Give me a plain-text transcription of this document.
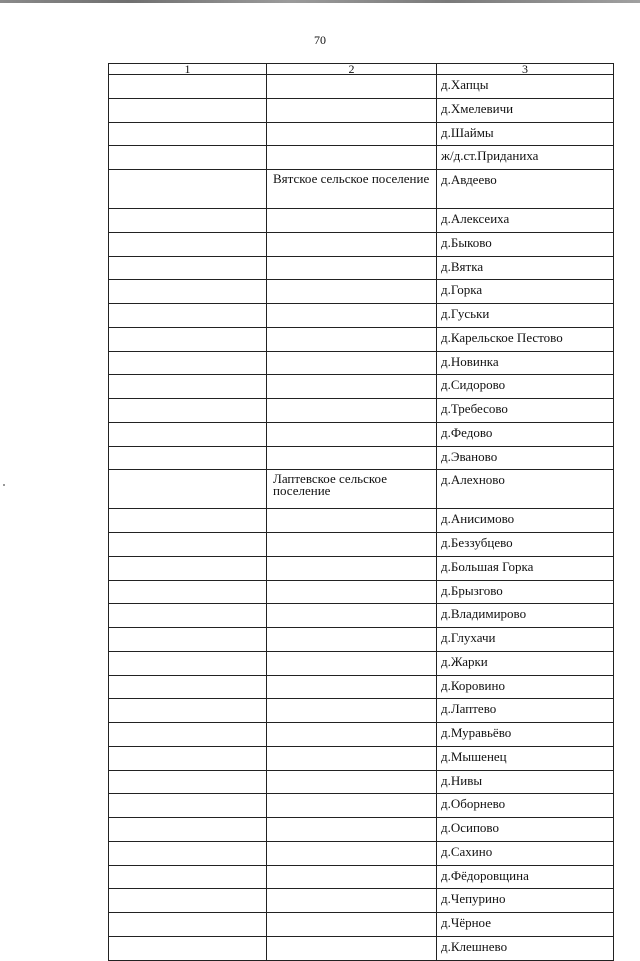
70
1	2	3
		д.Хапцы
		д.Хмелевичи
		д.Шаймы
		ж/д.ст.Приданиха
	Вятское сельское поселение	д.Авдеево
		д.Алексеиха
		д.Быково
		д.Вятка
		д.Горка
		д.Гуськи
		д.Карельское Пестово
		д.Новинка
		д.Сидорово
		д.Требесово
		д.Федово
		д.Эваново
	Лаптевское сельское поселение	д.Алехново
		д.Анисимово
		д.Беззубцево
		д.Большая Горка
		д.Брызгово
		д.Владимирово
		д.Глухачи
		д.Жарки
		д.Коровино
		д.Лаптево
		д.Муравьёво
		д.Мышенец
		д.Нивы
		д.Оборнево
		д.Осипово
		д.Сахино
		д.Фёдоровщина
		д.Чепурино
		д.Чёрное
		д.Клешнево
